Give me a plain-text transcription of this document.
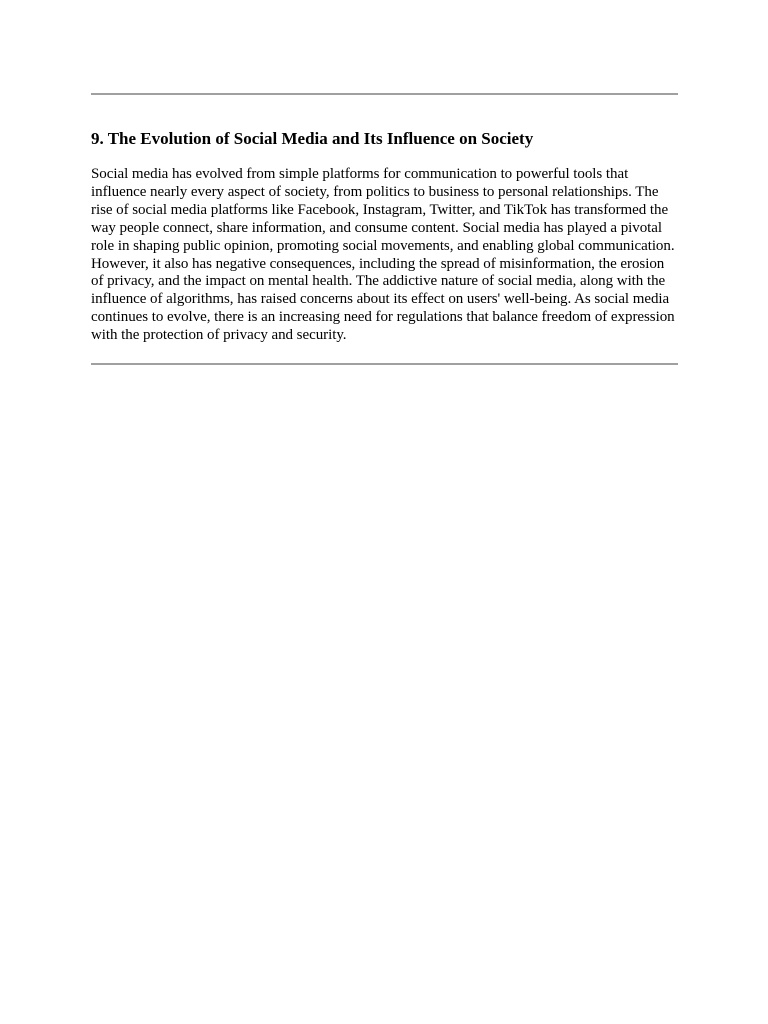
9. The Evolution of Social Media and Its Influence on Society

Social media has evolved from simple platforms for communication to powerful tools that influence nearly every aspect of society, from politics to business to personal relationships. The rise of social media platforms like Facebook, Instagram, Twitter, and TikTok has transformed the way people connect, share information, and consume content. Social media has played a pivotal role in shaping public opinion, promoting social movements, and enabling global communication. However, it also has negative consequences, including the spread of misinformation, the erosion of privacy, and the impact on mental health. The addictive nature of social media, along with the influence of algorithms, has raised concerns about its effect on users' well-being. As social media continues to evolve, there is an increasing need for regulations that balance freedom of expression with the protection of privacy and security.
